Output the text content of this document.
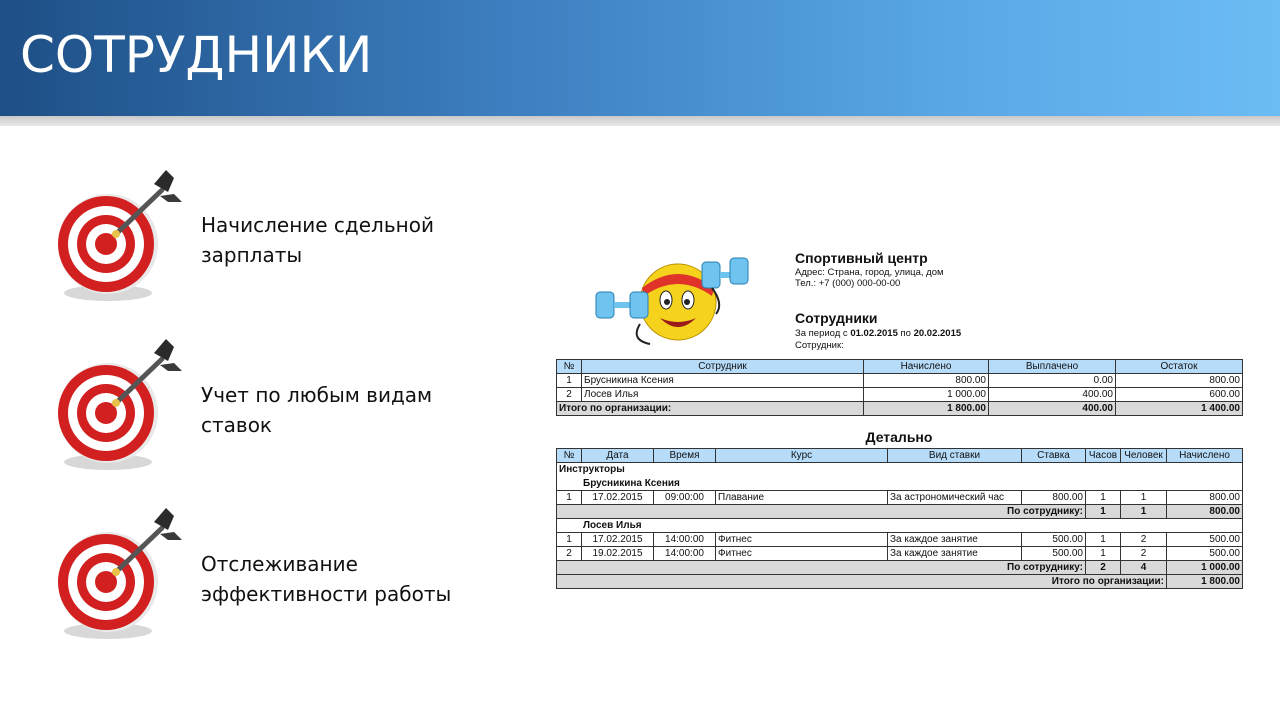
СОТРУДНИКИ
Начисление сдельной
зарплаты
Учет по любым видам
ставок
Отслеживание
эффективности работы
Спортивный центр
Адрес: Страна, город, улица, дом
Тел.: +7 (000) 000-00-00
Сотрудники
За период с 01.02.2015 по 20.02.2015
Сотрудник:
№	Сотрудник	Начислено	Выплачено	Остаток
1	Брусникина Ксения	800.00	0.00	800.00
2	Лосев Илья	1 000.00	400.00	600.00
Итого по организации:		1 800.00	400.00	1 400.00
Детально
№	Дата	Время	Курс	Вид ставки	Ставка	Часов	Человек	Начислено
Инструкторы								
Брусникина Ксения								
1	17.02.2015	09:00:00	Плавание	За астрономический час	800.00	1	1	800.00
По сотруднику:						1	1	800.00
Лосев Илья								
1	17.02.2015	14:00:00	Фитнес	За каждое занятие	500.00	1	2	500.00
2	19.02.2015	14:00:00	Фитнес	За каждое занятие	500.00	1	2	500.00
По сотруднику:						2	4	1 000.00
Итого по организации:								1 800.00
